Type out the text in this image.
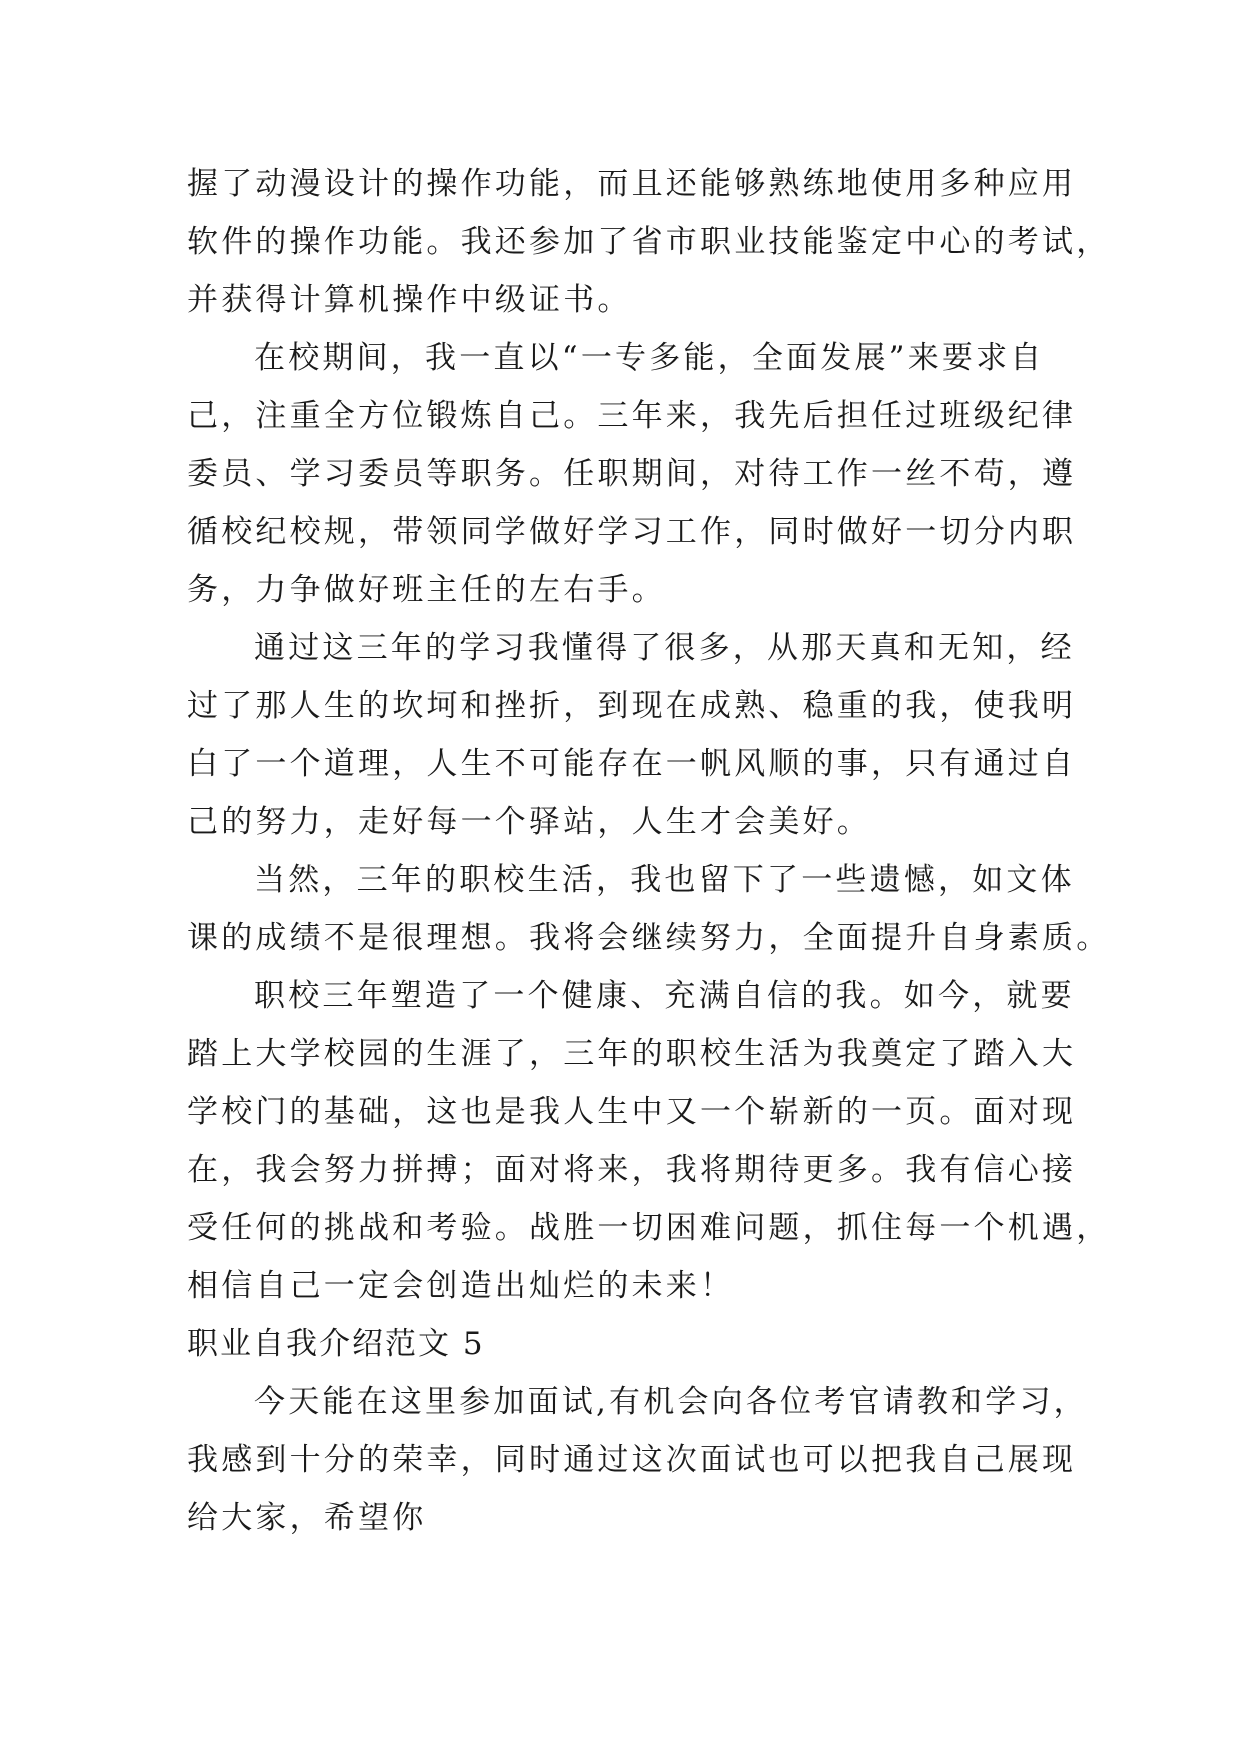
握了动漫设计的操作功能，而且还能够熟练地使用多种应用
软件的操作功能。我还参加了省市职业技能鉴定中心的考试，
并获得计算机操作中级证书。
在校期间，我一直以“一专多能，全面发展”来要求自
己，注重全方位锻炼自己。三年来，我先后担任过班级纪律
委员、学习委员等职务。任职期间，对待工作一丝不苟，遵
循校纪校规，带领同学做好学习工作，同时做好一切分内职
务，力争做好班主任的左右手。
通过这三年的学习我懂得了很多，从那天真和无知，经
过了那人生的坎坷和挫折，到现在成熟、稳重的我，使我明
白了一个道理，人生不可能存在一帆风顺的事，只有通过自
己的努力，走好每一个驿站，人生才会美好。
当然，三年的职校生活，我也留下了一些遗憾，如文体
课的成绩不是很理想。我将会继续努力，全面提升自身素质。
职校三年塑造了一个健康、充满自信的我。如今，就要
踏上大学校园的生涯了，三年的职校生活为我奠定了踏入大
学校门的基础，这也是我人生中又一个崭新的一页。面对现
在，我会努力拼搏；面对将来，我将期待更多。我有信心接
受任何的挑战和考验。战胜一切困难问题，抓住每一个机遇，
相信自己一定会创造出灿烂的未来！
职业自我介绍范文 5
今天能在这里参加面试,有机会向各位考官请教和学习，
我感到十分的荣幸，同时通过这次面试也可以把我自己展现
给大家，希望你
